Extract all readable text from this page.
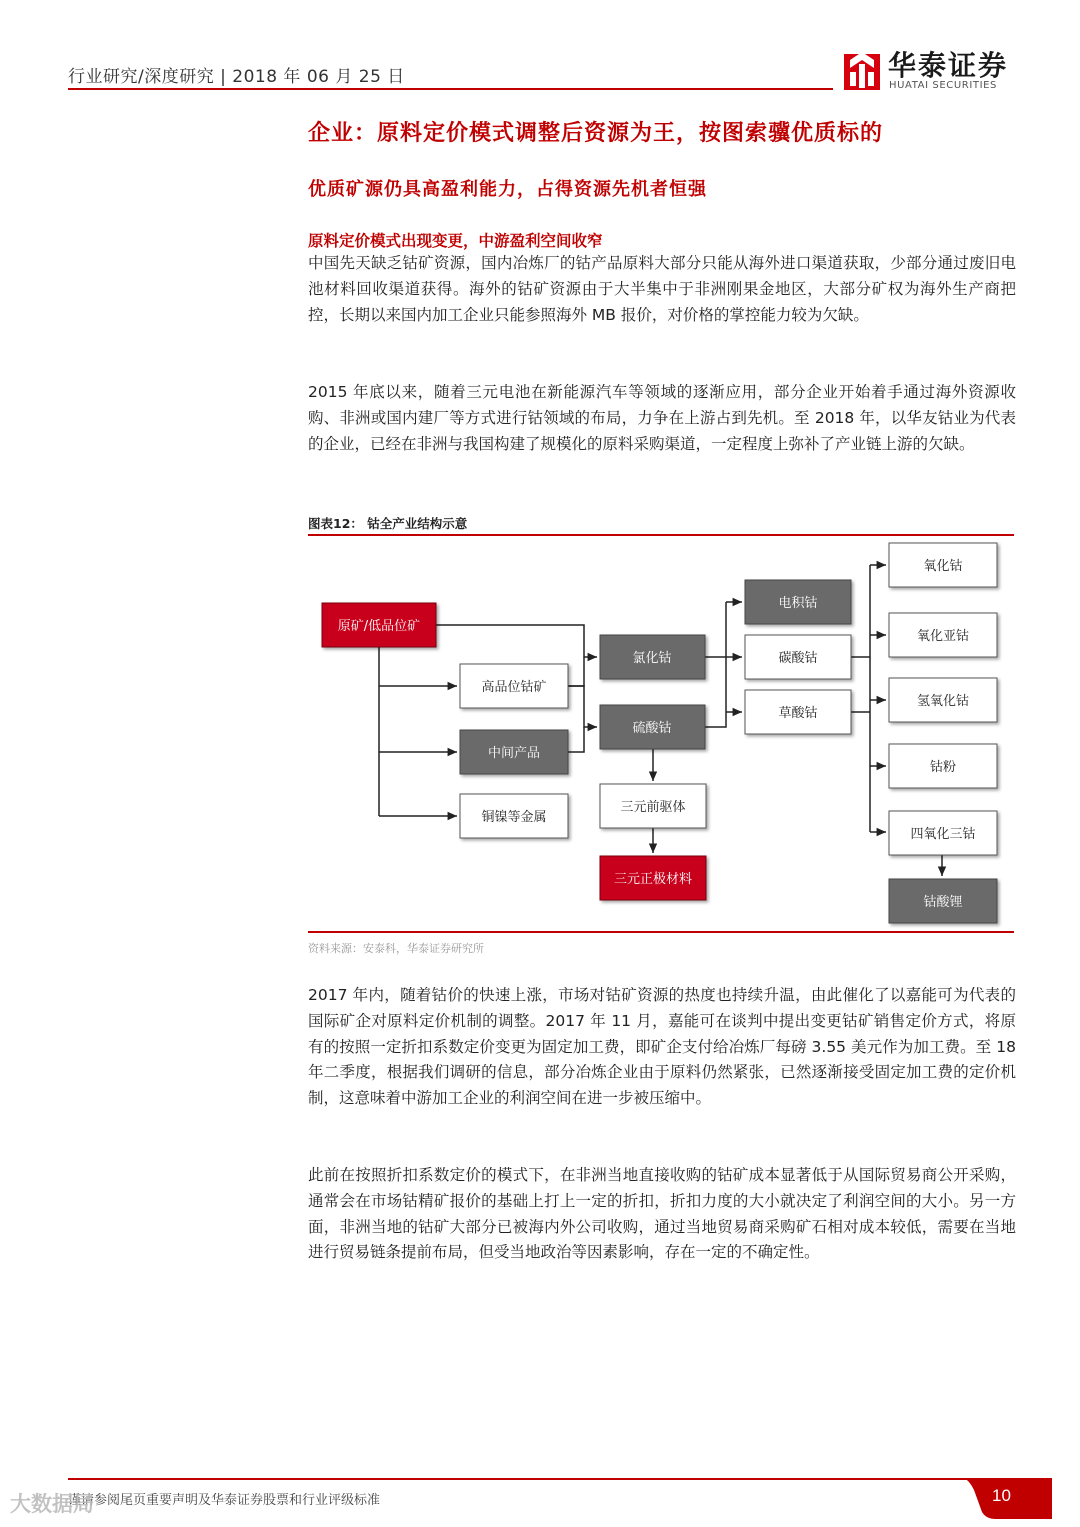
行业研究/深度研究 | 2018 年 06 月 25 日	华泰证券
HUATAI SECURITIES
企业：原料定价模式调整后资源为王，按图索骥优质标的
优质矿源仍具高盈利能力，占得资源先机者恒强
原料定价模式出现变更，中游盈利空间收窄

中国先天缺乏钴矿资源，国内冶炼厂的钴产品原料大部分只能从海外进口渠道获取，少部分通过废旧电池材料回收渠道获得。海外的钴矿资源由于大半集中于非洲刚果金地区，大部分矿权为海外生产商把控，长期以来国内加工企业只能参照海外 MB 报价，对价格的掌控能力较为欠缺。

2015 年底以来，随着三元电池在新能源汽车等领域的逐渐应用，部分企业开始着手通过海外资源收购、非洲或国内建厂等方式进行钴领域的布局，力争在上游占到先机。至 2018 年，以华友钴业为代表的企业，已经在非洲与我国构建了规模化的原料采购渠道，一定程度上弥补了产业链上游的欠缺。

图表12： 钴全产业结构示意
原矿/低品位矿
高品位钴矿
中间产品
铜镍等金属
氯化钴
硫酸钴
三元前驱体
三元正极材料
电积钴
碳酸钴
草酸钴
氧化钴
氧化亚钴
氢氧化钴
钴粉
四氧化三钴
钴酸锂
资料来源：安泰科，华泰证券研究所

2017 年内，随着钴价的快速上涨，市场对钴矿资源的热度也持续升温，由此催化了以嘉能可为代表的国际矿企对原料定价机制的调整。2017 年 11 月，嘉能可在谈判中提出变更钴矿销售定价方式，将原有的按照一定折扣系数定价变更为固定加工费，即矿企支付给冶炼厂每磅 3.55 美元作为加工费。至 18 年二季度，根据我们调研的信息，部分冶炼企业由于原料仍然紧张，已然逐渐接受固定加工费的定价机制，这意味着中游加工企业的利润空间在进一步被压缩中。

此前在按照折扣系数定价的模式下，在非洲当地直接收购的钴矿成本显著低于从国际贸易商公开采购，通常会在市场钴精矿报价的基础上打上一定的折扣，折扣力度的大小就决定了利润空间的大小。另一方面，非洲当地的钴矿大部分已被海内外公司收购，通过当地贸易商采购矿石相对成本较低，需要在当地进行贸易链条提前布局，但受当地政治等因素影响，存在一定的不确定性。

谨请参阅尾页重要声明及华泰证券股票和行业评级标准	10
大数据局
